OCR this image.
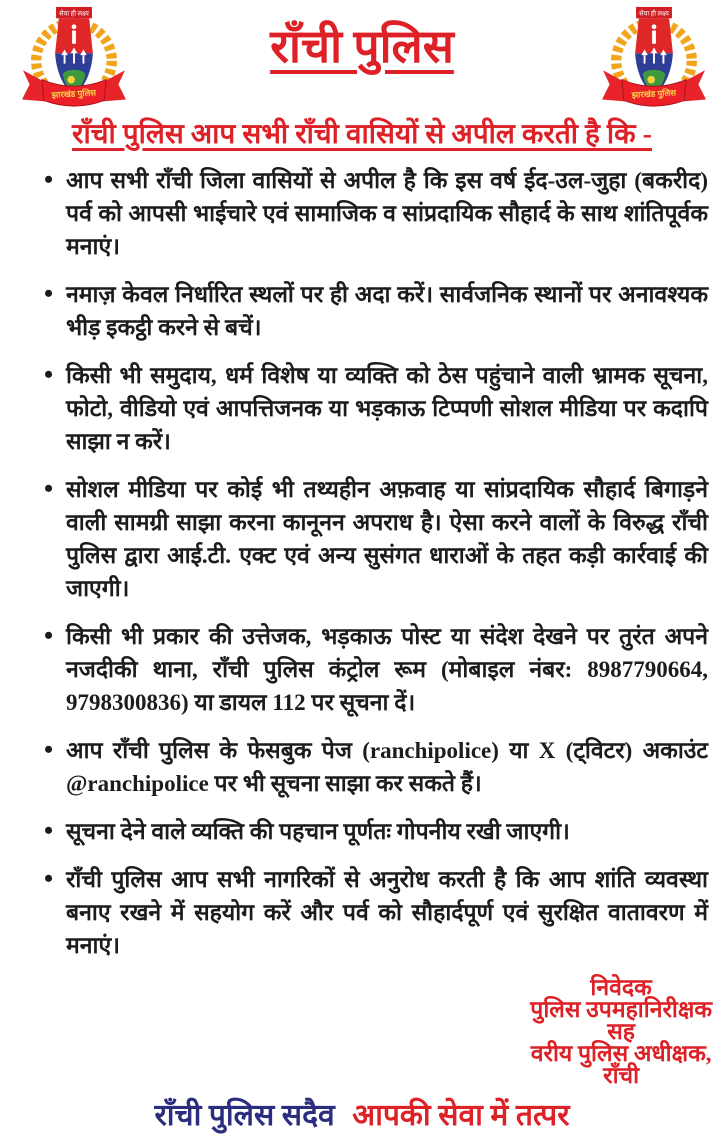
सेवा ही लक्ष्य
झारखंड पुलिस
राँची पुलिस
सेवा ही लक्ष्य
झारखंड पुलिस
राँची पुलिस आप सभी राँची वासियों से अपील करती है कि -
• आप सभी राँची जिला वासियों से अपील है कि इस वर्ष ईद-उल-जुहा (बकरीद) पर्व को आपसी भाईचारे एवं सामाजिक व सांप्रदायिक सौहार्द के साथ शांतिपूर्वक मनाएं।
• नमाज़ केवल निर्धारित स्थलों पर ही अदा करें। सार्वजनिक स्थानों पर अनावश्यक भीड़ इकट्ठी करने से बचें।
• किसी भी समुदाय, धर्म विशेष या व्यक्ति को ठेस पहुंचाने वाली भ्रामक सूचना, फोटो, वीडियो एवं आपत्तिजनक या भड़काऊ टिप्पणी सोशल मीडिया पर कदापि साझा न करें।
• सोशल मीडिया पर कोई भी तथ्यहीन अफ़वाह या सांप्रदायिक सौहार्द बिगाड़ने वाली सामग्री साझा करना कानूनन अपराध है। ऐसा करने वालों के विरुद्ध राँची पुलिस द्वारा आई.टी. एक्ट एवं अन्य सुसंगत धाराओं के तहत कड़ी कार्रवाई की जाएगी।
• किसी भी प्रकार की उत्तेजक, भड़काऊ पोस्ट या संदेश देखने पर तुरंत अपने नजदीकी थाना, राँची पुलिस कंट्रोल रूम (मोबाइल नंबर: 8987790664, 9798300836) या डायल 112 पर सूचना दें।
• आप राँची पुलिस के फेसबुक पेज (ranchipolice) या X (ट्विटर) अकाउंट @ranchipolice पर भी सूचना साझा कर सकते हैं।
• सूचना देने वाले व्यक्ति की पहचान पूर्णतः गोपनीय रखी जाएगी।
• राँची पुलिस आप सभी नागरिकों से अनुरोध करती है कि आप शांति व्यवस्था बनाए रखने में सहयोग करें और पर्व को सौहार्दपूर्ण एवं सुरक्षित वातावरण में मनाएं।
निवेदक
पुलिस उपमहानिरीक्षक
सह
वरीय पुलिस अधीक्षक,
राँची
राँची पुलिस सदैव आपकी सेवा में तत्पर
